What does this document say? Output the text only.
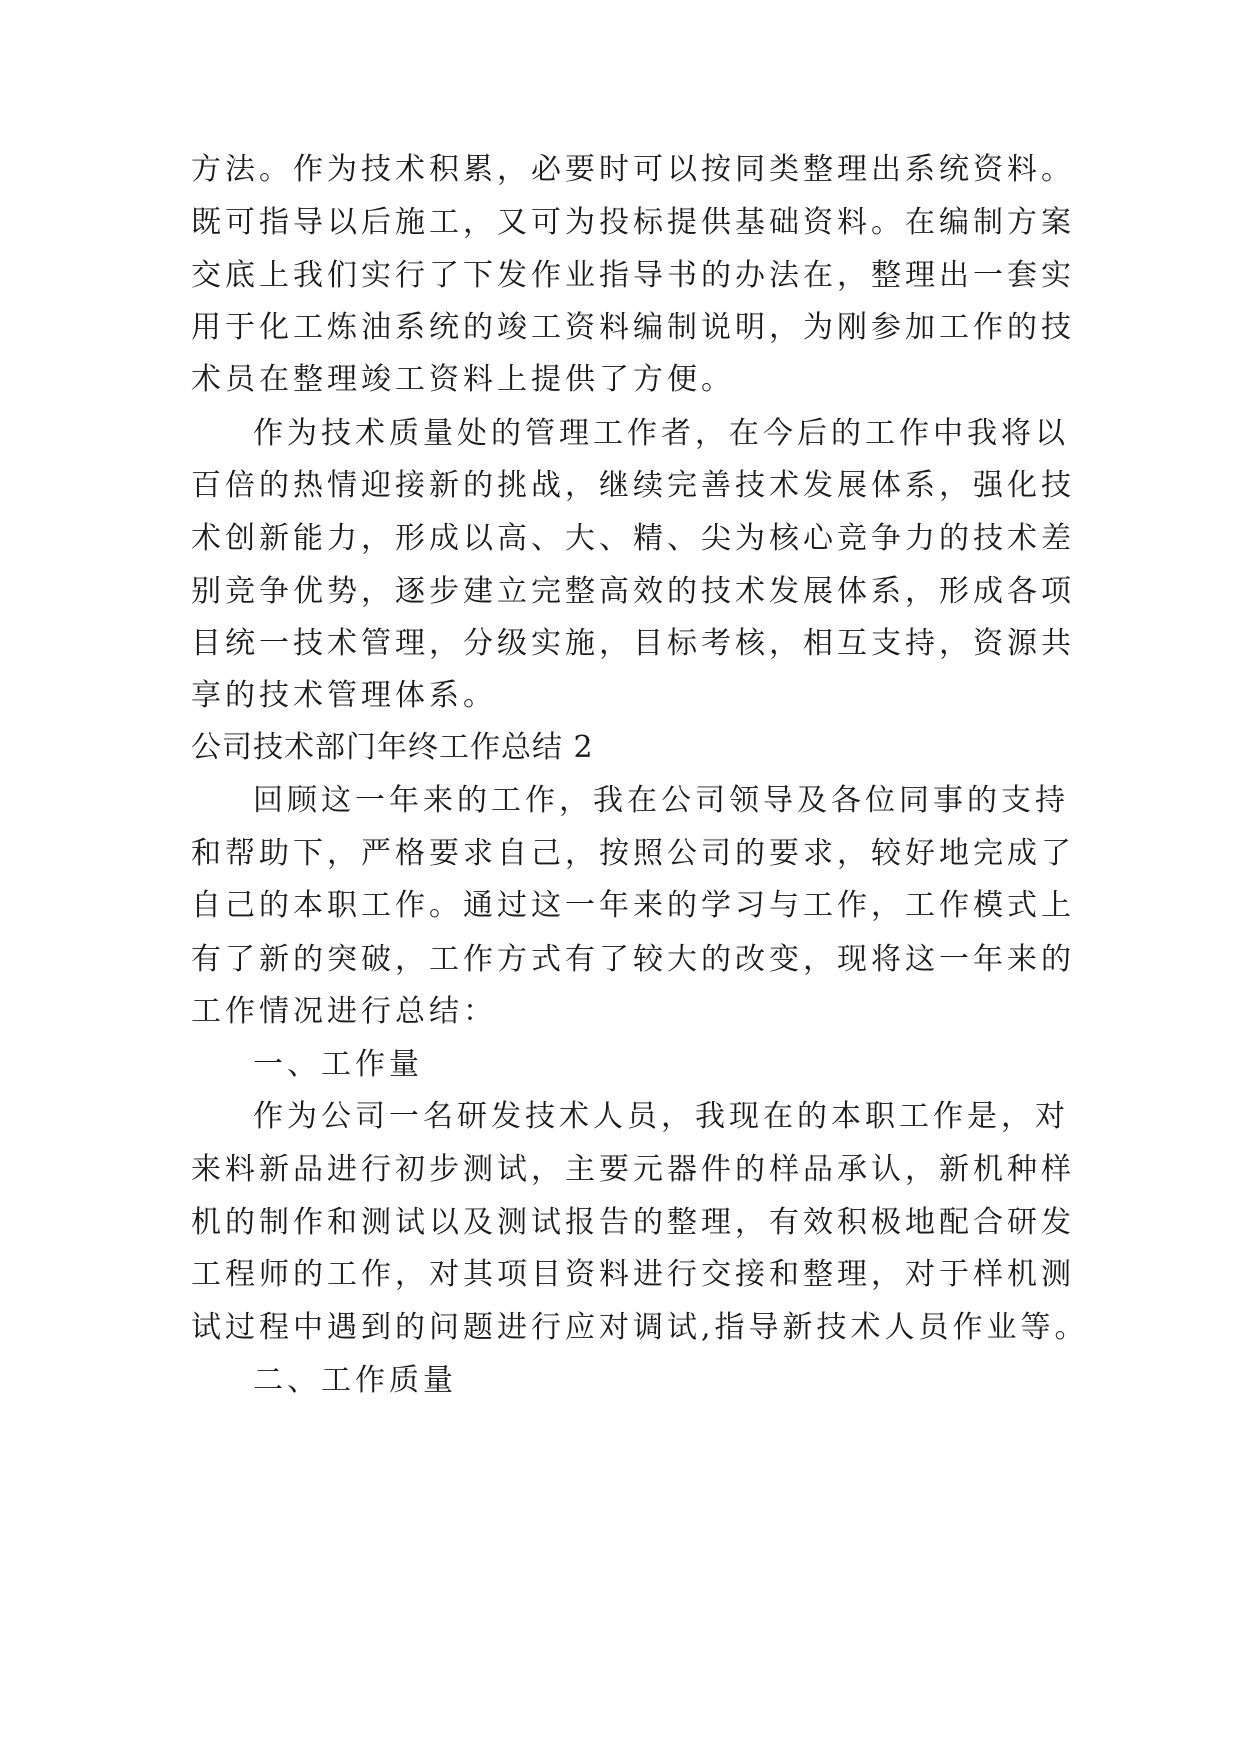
方法。作为技术积累，必要时可以按同类整理出系统资料。
既可指导以后施工，又可为投标提供基础资料。在编制方案
交底上我们实行了下发作业指导书的办法在，整理出一套实
用于化工炼油系统的竣工资料编制说明，为刚参加工作的技
术员在整理竣工资料上提供了方便。
作为技术质量处的管理工作者，在今后的工作中我将以
百倍的热情迎接新的挑战，继续完善技术发展体系，强化技
术创新能力，形成以高、大、精、尖为核心竞争力的技术差
别竞争优势，逐步建立完整高效的技术发展体系，形成各项
目统一技术管理，分级实施，目标考核，相互支持，资源共
享的技术管理体系。
公司技术部门年终工作总结 2
回顾这一年来的工作，我在公司领导及各位同事的支持
和帮助下，严格要求自己，按照公司的要求，较好地完成了
自己的本职工作。通过这一年来的学习与工作，工作模式上
有了新的突破，工作方式有了较大的改变，现将这一年来的
工作情况进行总结：
一、工作量
作为公司一名研发技术人员，我现在的本职工作是，对
来料新品进行初步测试，主要元器件的样品承认，新机种样
机的制作和测试以及测试报告的整理，有效积极地配合研发
工程师的工作，对其项目资料进行交接和整理，对于样机测
试过程中遇到的问题进行应对调试,指导新技术人员作业等。
二、工作质量
